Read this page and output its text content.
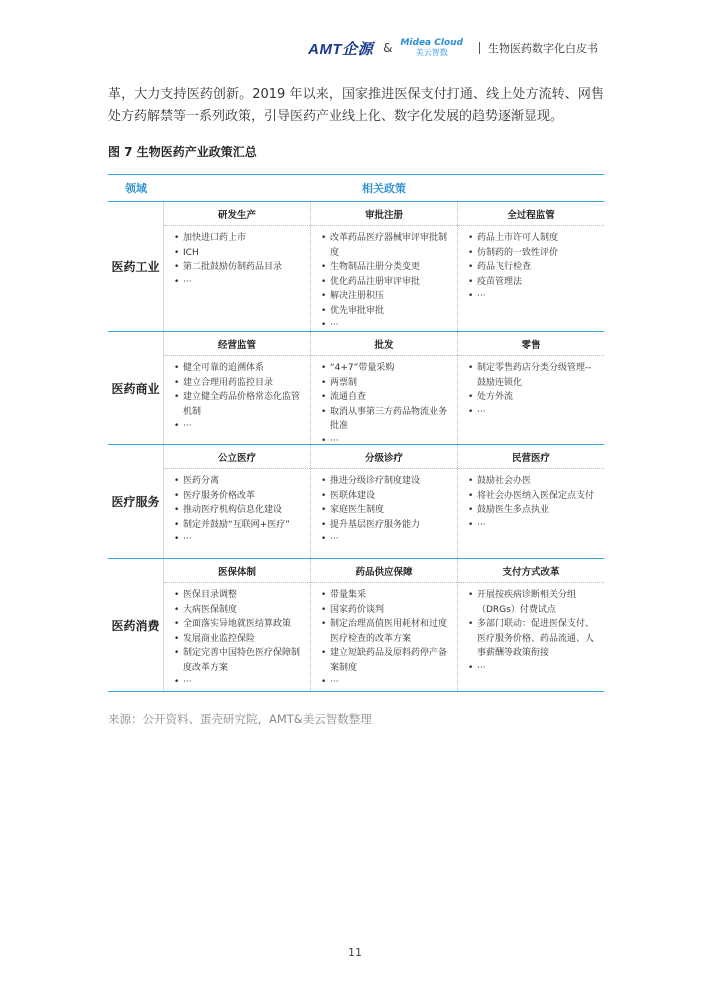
AMT企源 & Midea Cloud
美云智数	生物医药数字化白皮书

革，大力支持医药创新。2019 年以来，国家推进医保支付打通、线上处方流转、网售处方药解禁等一系列政策，引导医药产业线上化、数字化发展的趋势逐渐显现。

图 7 生物医药产业政策汇总
领域	相关政策
医药工业
研发生产
• 加快进口药上市
• ICH
• 第二批鼓励仿制药品目录
• ···
审批注册
• 改革药品医疗器械审评审批制度
• 生物制品注册分类变更
• 优化药品注册审评审批
• 解决注册积压
• 优先审批审批
• ···
全过程监管
• 药品上市许可人制度
• 仿制药的一致性评价
• 药品飞行检查
• 疫苗管理法
• ···
医药商业
经营监管
• 健全可靠的追溯体系
• 建立合理用药监控目录
• 建立健全药品价格常态化监管机制
• ···
批发
• “4+7”带量采购
• 两票制
• 流通自查
• 取消从事第三方药品物流业务批准
• ···
零售
• 制定零售药店分类分级管理--鼓励连锁化
• 处方外流
• ···
医疗服务
公立医疗
• 医药分离
• 医疗服务价格改革
• 推动医疗机构信息化建设
• 制定并鼓励“互联网+医疗”
• ···
分级诊疗
• 推进分级诊疗制度建设
• 医联体建设
• 家庭医生制度
• 提升基层医疗服务能力
• ···
民营医疗
• 鼓励社会办医
• 将社会办医纳入医保定点支付
• 鼓励医生多点执业
• ···
医药消费
医保体制
• 医保目录调整
• 大病医保制度
• 全面落实异地就医结算政策
• 发展商业监控保险
• 制定完善中国特色医疗保障制度改革方案
• ···
药品供应保障
• 带量集采
• 国家药价谈判
• 制定治理高值医用耗材和过度医疗检查的改革方案
• 建立短缺药品及原料药停产备案制度
• ···
支付方式改革
• 开展按疾病诊断相关分组（DRGs）付费试点
• 多部门联动：促进医保支付、医疗服务价格、药品流通、人事薪酬等政策衔接
• ···
来源：公开资料、蛋壳研究院，AMT&美云智数整理
11
